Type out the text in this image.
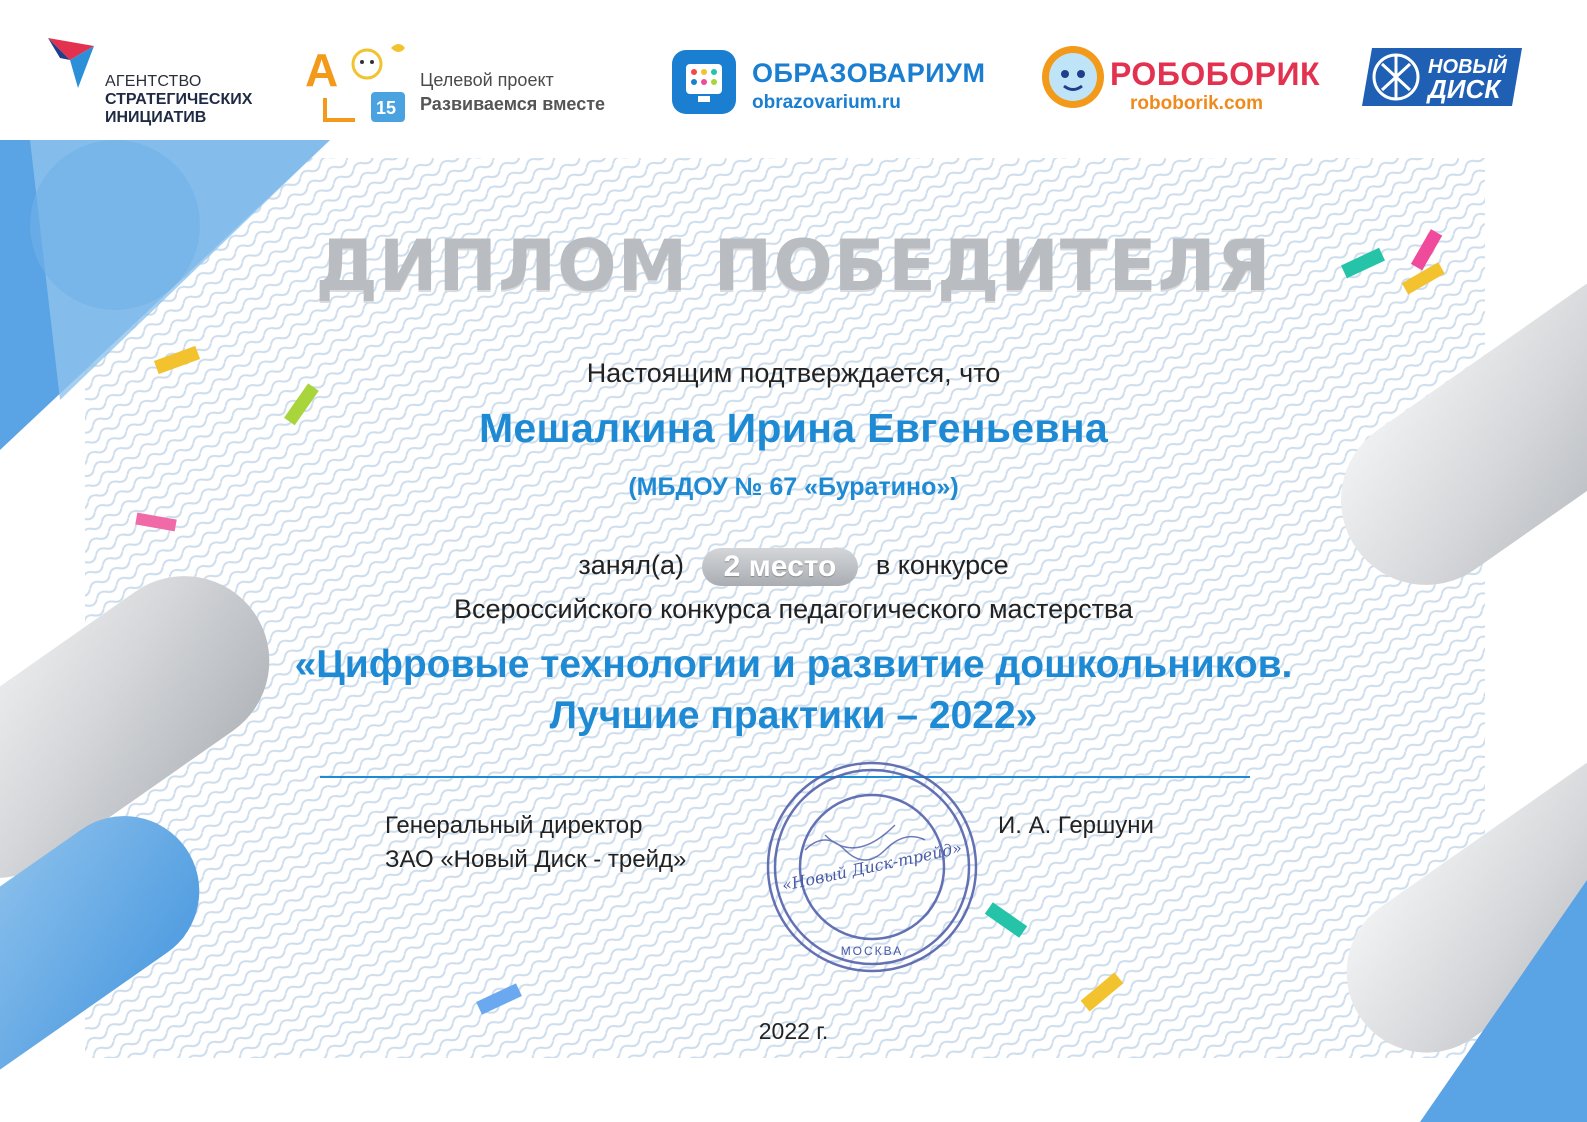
АГЕНТСТВО
СТРАТЕГИЧЕСКИХ
ИНИЦИАТИВ
А
15
Целевой проект
Развиваемся вместе
ОБРАЗОВАРИУМ
obrazovarium.ru
РОБОБОРИК
roboborik.com
НОВЫЙ
ДИСК
ДИПЛОМ ПОБЕДИТЕЛЯ
Настоящим подтверждается, что
Мешалкина Ирина Евгеньевна
(МБДОУ № 67 «Буратино»)
занял(а) 2 место в конкурсе
Всероссийского конкурса педагогического мастерства
«Цифровые технологии и развитие дошкольников.
Лучшие практики – 2022»
Генеральный директор
ЗАО «Новый Диск - трейд»
И. А. Гершуни
«Новый Диск-трейд»
МОСКВА
2022 г.
